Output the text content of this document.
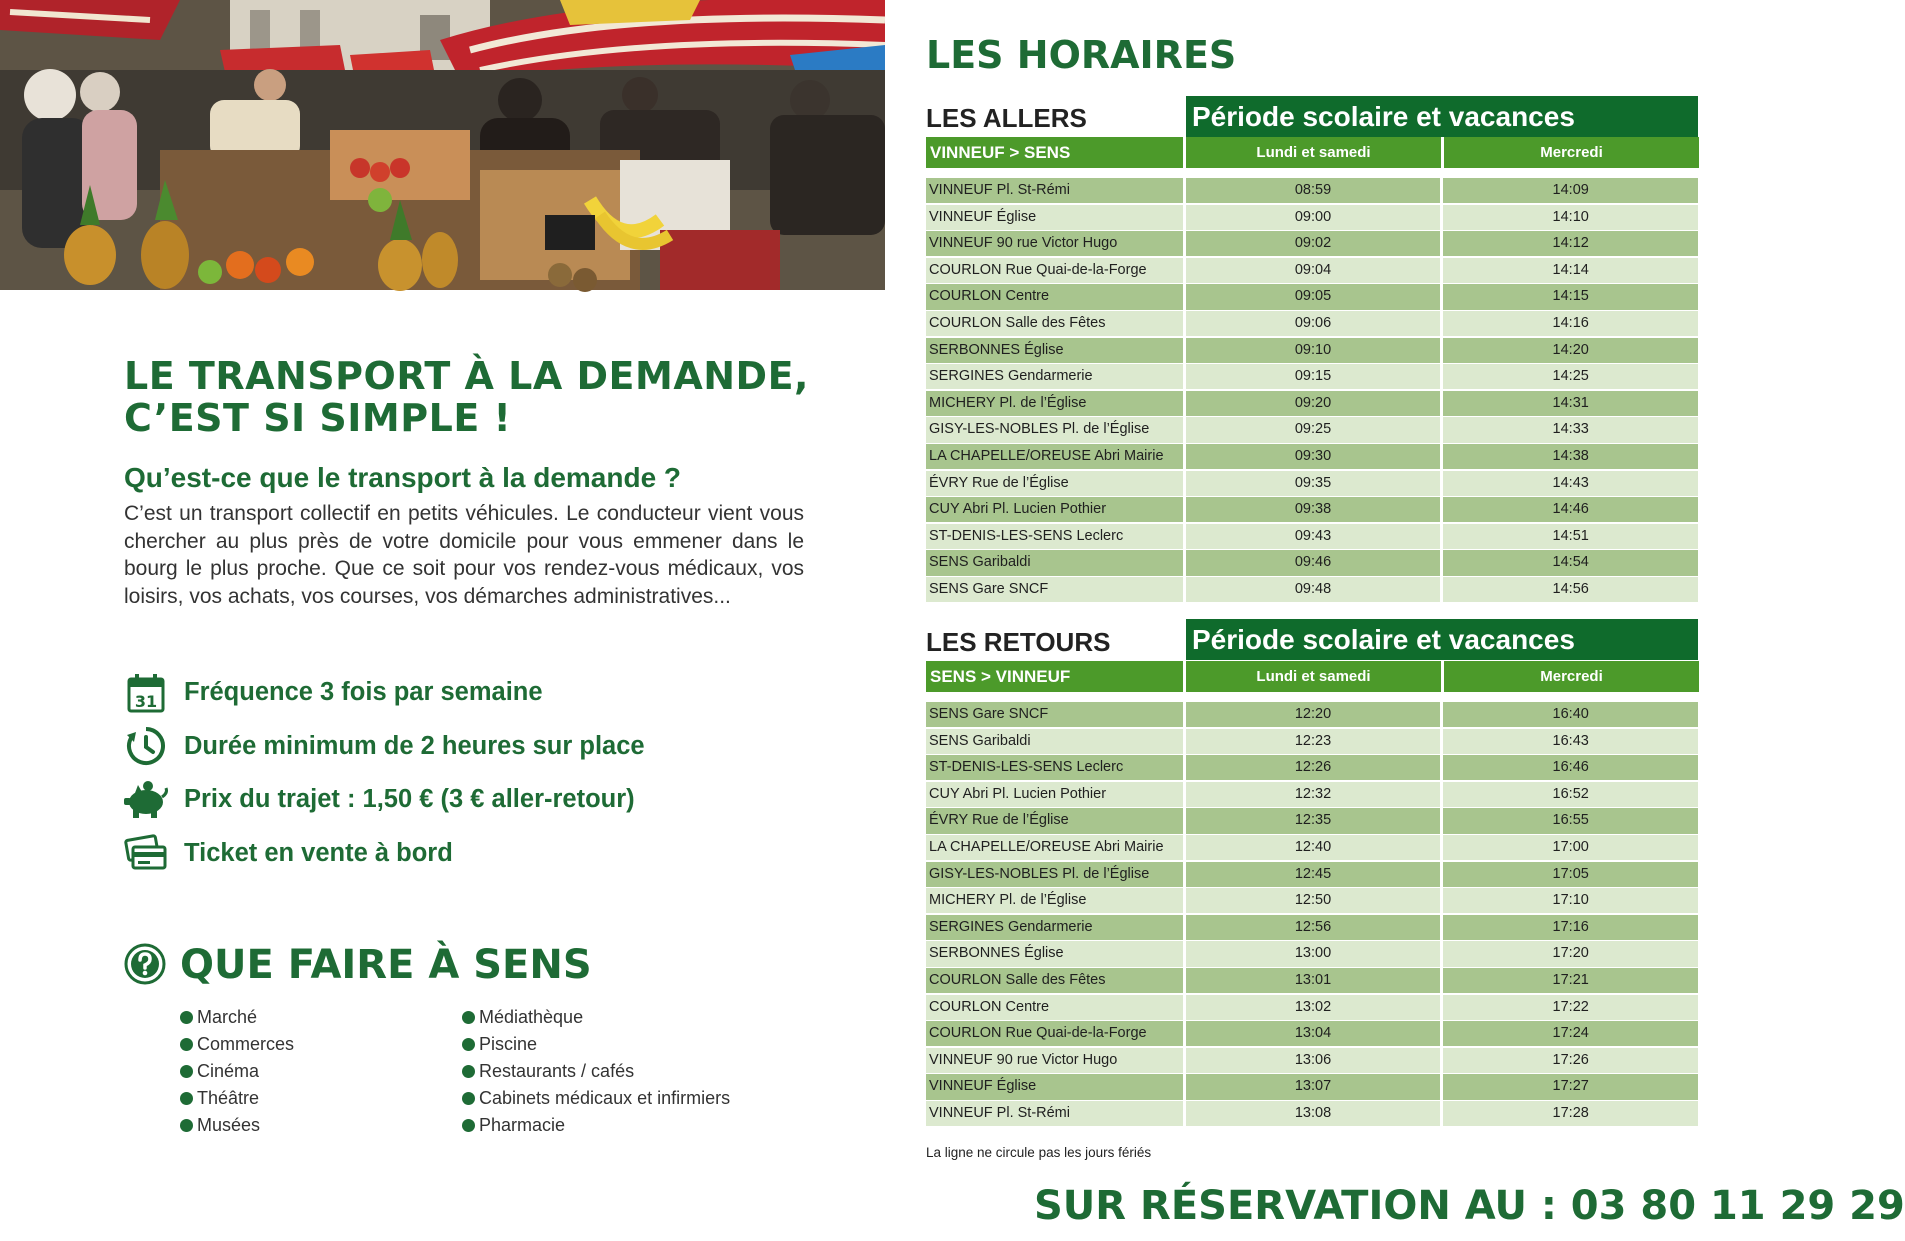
LE TRANSPORT À LA DEMANDE,
C’EST SI SIMPLE !
Qu’est-ce que le transport à la demande ?
C’est un transport collectif en petits véhicules. Le conducteur vient vous chercher au plus près de votre domicile pour vous emmener dans le bourg le plus proche. Que ce soit pour vos rendez-vous médicaux, vos loisirs, vos achats, vos courses, vos démarches administratives...
31 Fréquence 3 fois par semaine
Durée minimum de 2 heures sur place
Prix du trajet : 1,50 € (3 € aller-retour)
Ticket en vente à bord
QUE FAIRE À SENS
Marché
Commerces
Cinéma
Théâtre
Musées
Médiathèque
Piscine
Restaurants / cafés
Cabinets médicaux et infirmiers
Pharmacie
LES HORAIRES
LES ALLERS	Période scolaire et vacances
VINNEUF > SENS	Lundi et samedi	Mercredi
VINNEUF Pl. St-Rémi	08:59	14:09
VINNEUF Église	09:00	14:10
VINNEUF 90 rue Victor Hugo	09:02	14:12
COURLON Rue Quai-de-la-Forge	09:04	14:14
COURLON Centre	09:05	14:15
COURLON Salle des Fêtes	09:06	14:16
SERBONNES Église	09:10	14:20
SERGINES Gendarmerie	09:15	14:25
MICHERY Pl. de l’Église	09:20	14:31
GISY-LES-NOBLES Pl. de l’Église	09:25	14:33
LA CHAPELLE/OREUSE Abri Mairie	09:30	14:38
ÉVRY Rue de l’Église	09:35	14:43
CUY Abri Pl. Lucien Pothier	09:38	14:46
ST-DENIS-LES-SENS Leclerc	09:43	14:51
SENS Garibaldi	09:46	14:54
SENS Gare SNCF	09:48	14:56
LES RETOURS	Période scolaire et vacances
SENS > VINNEUF	Lundi et samedi	Mercredi
SENS Gare SNCF	12:20	16:40
SENS Garibaldi	12:23	16:43
ST-DENIS-LES-SENS Leclerc	12:26	16:46
CUY Abri Pl. Lucien Pothier	12:32	16:52
ÉVRY Rue de l’Église	12:35	16:55
LA CHAPELLE/OREUSE Abri Mairie	12:40	17:00
GISY-LES-NOBLES Pl. de l’Église	12:45	17:05
MICHERY Pl. de l’Église	12:50	17:10
SERGINES Gendarmerie	12:56	17:16
SERBONNES Église	13:00	17:20
COURLON Salle des Fêtes	13:01	17:21
COURLON Centre	13:02	17:22
COURLON Rue Quai-de-la-Forge	13:04	17:24
VINNEUF 90 rue Victor Hugo	13:06	17:26
VINNEUF Église	13:07	17:27
VINNEUF Pl. St-Rémi	13:08	17:28
La ligne ne circule pas les jours fériés
SUR RÉSERVATION AU : 03 80 11 29 29
